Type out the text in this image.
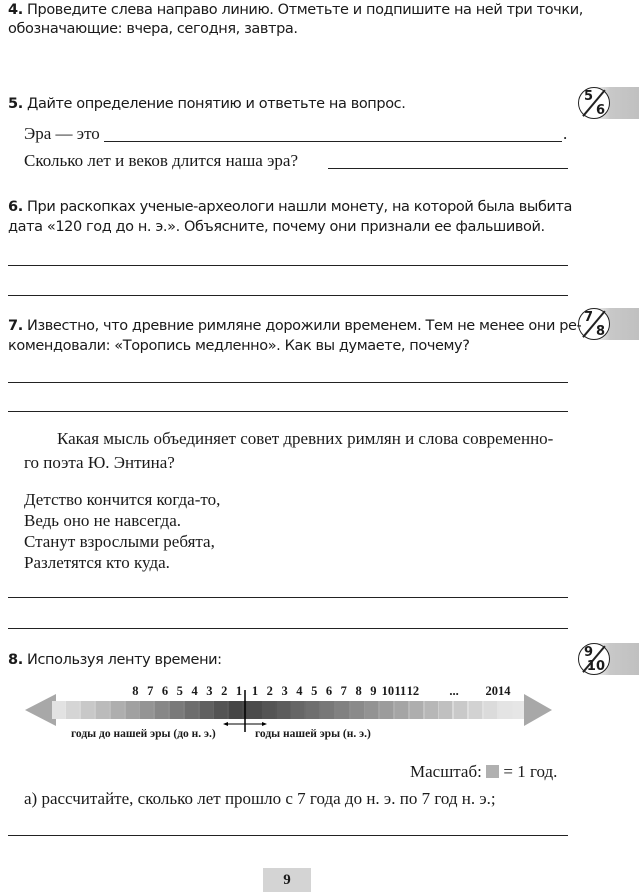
4. Проведите слева направо линию. Отметьте и подпишите на ней три точки,
обозначающие: вчера, сегодня, завтра.
5
6
5. Дайте определение понятию и ответьте на вопрос.
Эра — это	.
Сколько лет и веков длится наша эра?
6. При раскопках ученые-археологи нашли монету, на которой была выбита
дата «120 год до н. э.». Объясните, почему они признали ее фальшивой.
7
8
7. Известно, что древние римляне дорожили временем. Тем не менее они ре-
комендовали: «Торопись медленно». Как вы думаете, почему?
Какая мысль объединяет совет древних римлян и слова современно-
го поэта Ю. Энтина?
Детство кончится когда-то,
Ведь оно не навсегда.
Станут взрослыми ребята,
Разлетятся кто куда.
9
10
8. Используя ленту времени:
8 7 6 5 4 3 2 1 1 2 3 4 5 6 7 8 9 10 11 12 ... 2014
годы до нашей эры (до н. э.)	годы нашей эры (н. э.)
Масштаб: = 1 год.
а) рассчитайте, сколько лет прошло с 7 года до н. э. по 7 год н. э.;
9
